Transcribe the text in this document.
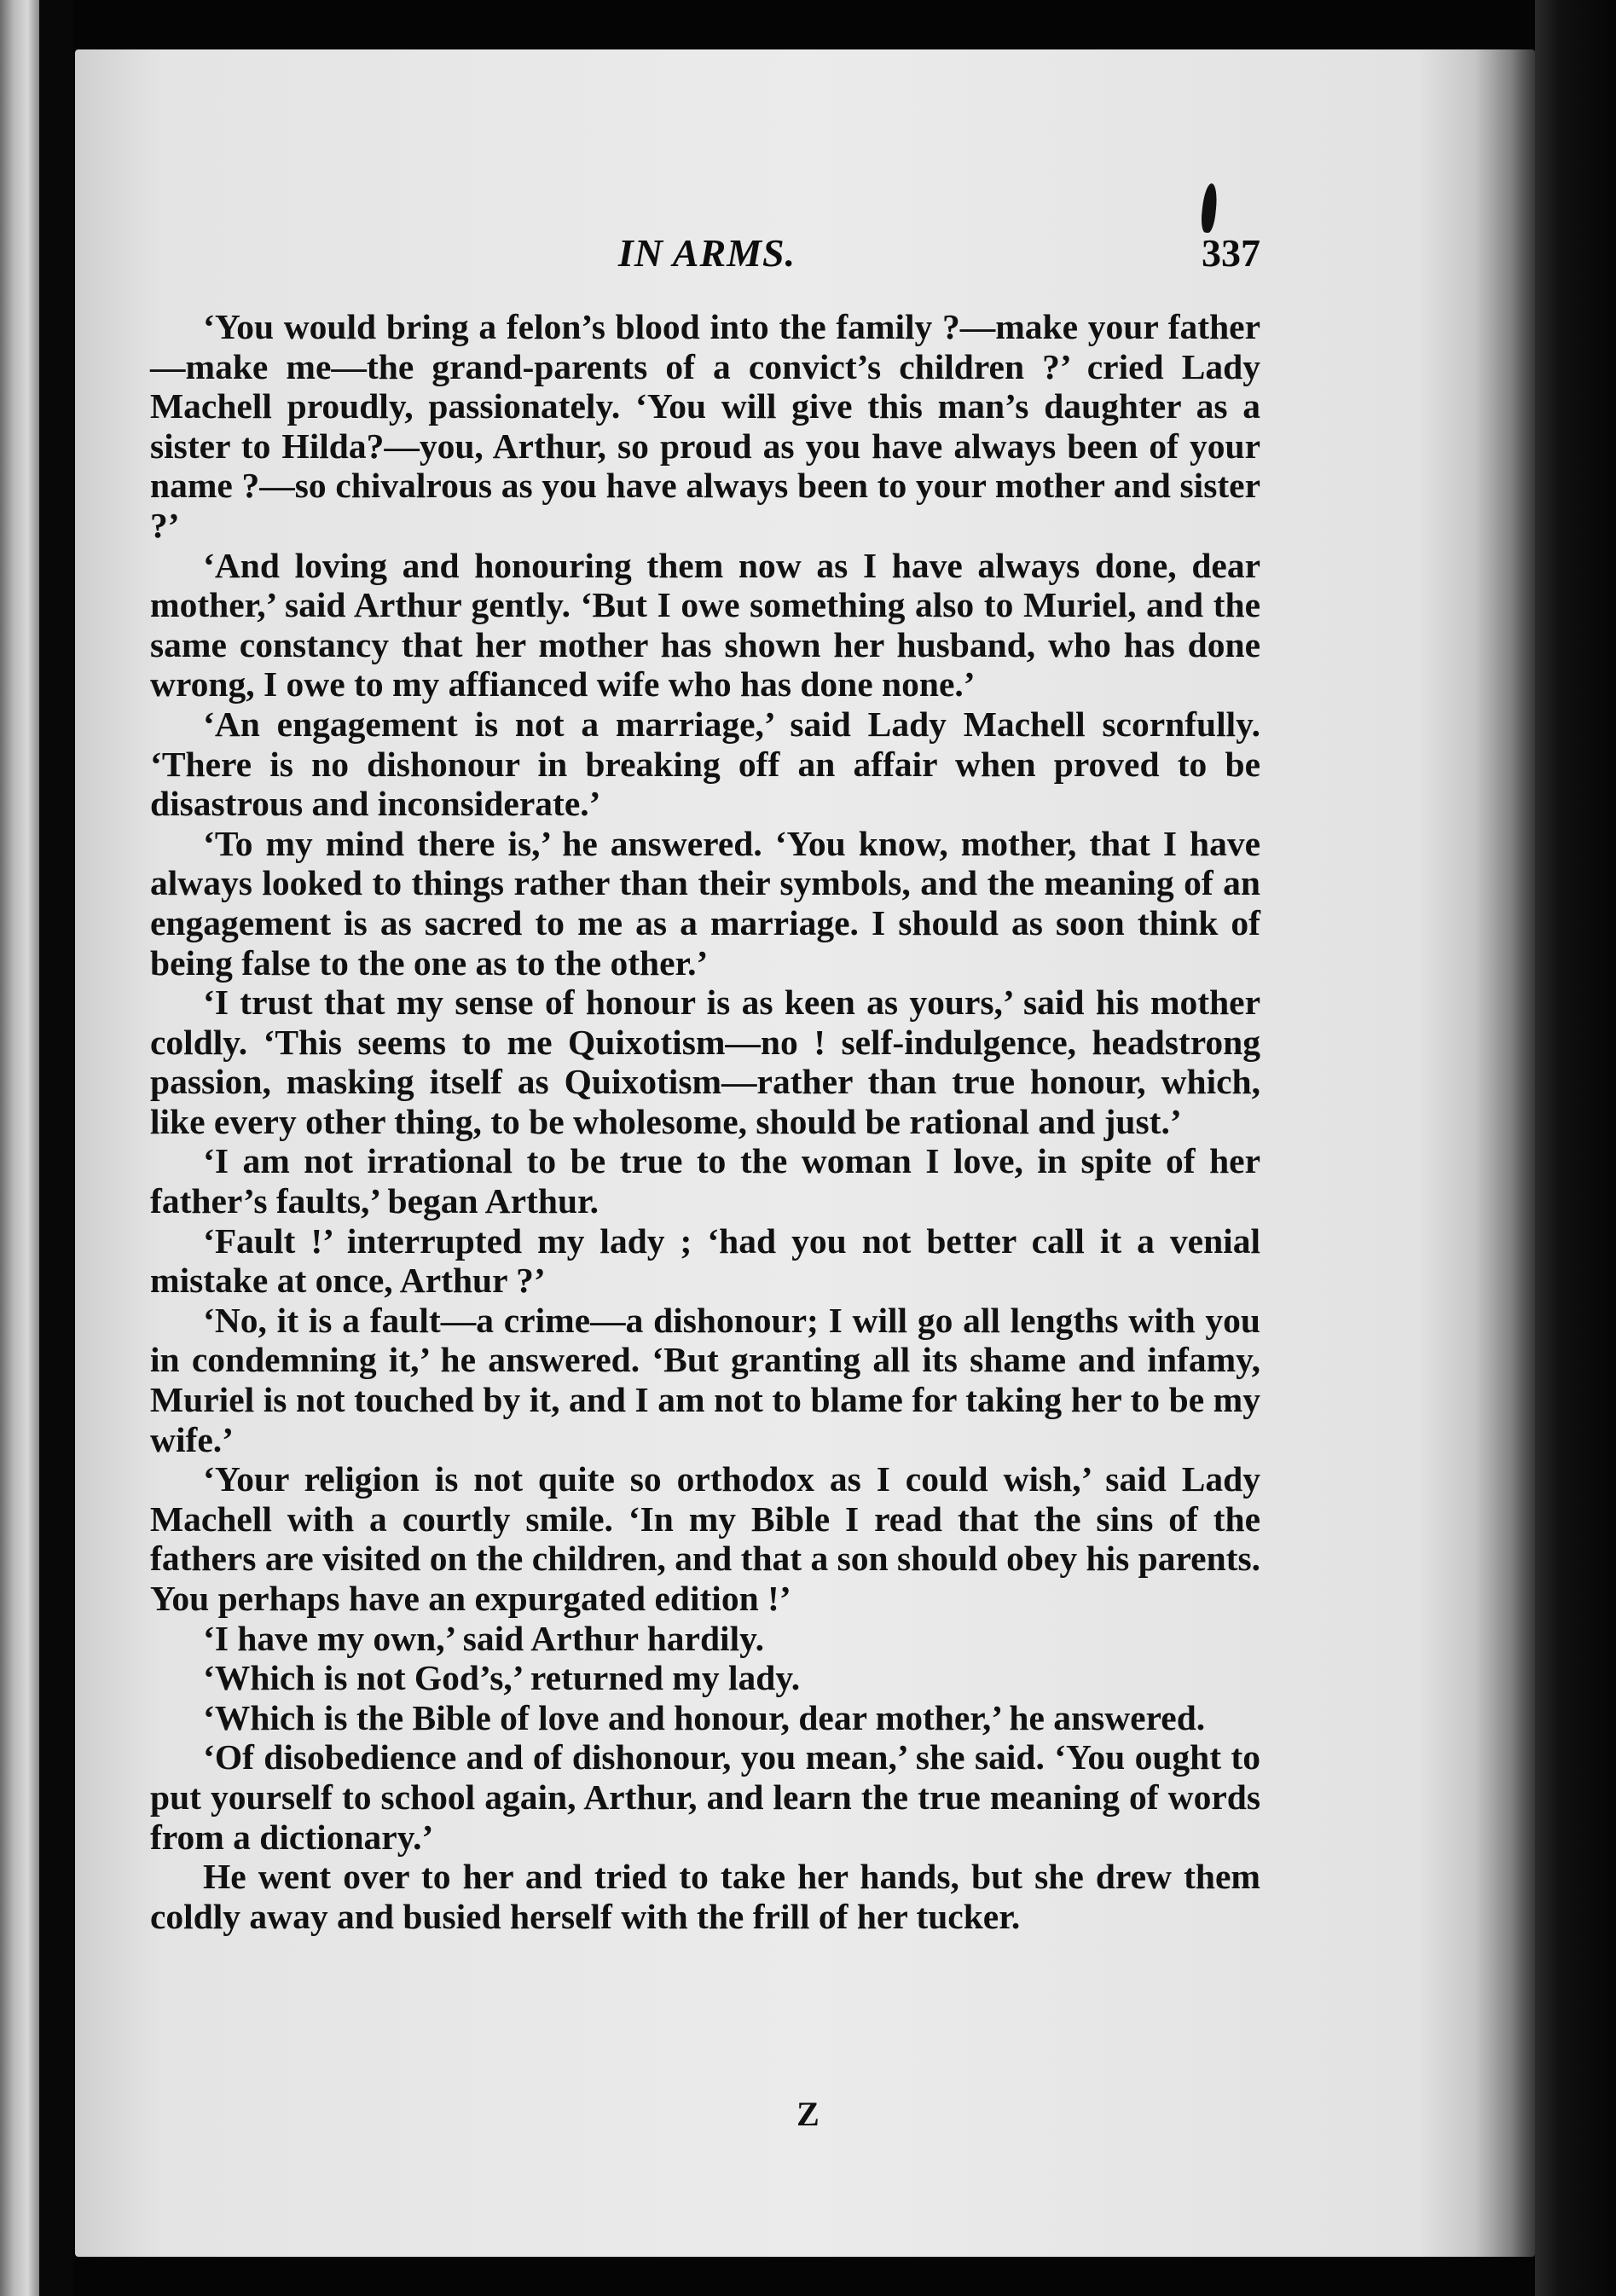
IN ARMS.	337

‘You would bring a felon’s blood into the family ?—make your father—make me—the grand-parents of a convict’s children ?’ cried Lady Machell proudly, passionately. ‘You will give this man’s daughter as a sister to Hilda?—you, Arthur, so proud as you have always been of your name ?—so chivalrous as you have always been to your mother and sister ?’

‘And loving and honouring them now as I have always done, dear mother,’ said Arthur gently. ‘But I owe something also to Muriel, and the same constancy that her mother has shown her husband, who has done wrong, I owe to my affianced wife who has done none.’

‘An engagement is not a marriage,’ said Lady Machell scornfully. ‘There is no dishonour in breaking off an affair when proved to be disastrous and inconsiderate.’

‘To my mind there is,’ he answered. ‘You know, mother, that I have always looked to things rather than their symbols, and the meaning of an engagement is as sacred to me as a marriage. I should as soon think of being false to the one as to the other.’

‘I trust that my sense of honour is as keen as yours,’ said his mother coldly. ‘This seems to me Quixotism—no ! self-indulgence, headstrong passion, masking itself as Quixotism—rather than true honour, which, like every other thing, to be wholesome, should be rational and just.’

‘I am not irrational to be true to the woman I love, in spite of her father’s faults,’ began Arthur.

‘Fault !’ interrupted my lady ; ‘had you not better call it a venial mistake at once, Arthur ?’

‘No, it is a fault—a crime—a dishonour; I will go all lengths with you in condemning it,’ he answered. ‘But granting all its shame and infamy, Muriel is not touched by it, and I am not to blame for taking her to be my wife.’

‘Your religion is not quite so orthodox as I could wish,’ said Lady Machell with a courtly smile. ‘In my Bible I read that the sins of the fathers are visited on the children, and that a son should obey his parents. You perhaps have an expurgated edition !’

‘I have my own,’ said Arthur hardily.

‘Which is not God’s,’ returned my lady.

‘Which is the Bible of love and honour, dear mother,’ he answered.

‘Of disobedience and of dishonour, you mean,’ she said. ‘You ought to put yourself to school again, Arthur, and learn the true meaning of words from a dictionary.’

He went over to her and tried to take her hands, but she drew them coldly away and busied herself with the frill of her tucker.

Z
